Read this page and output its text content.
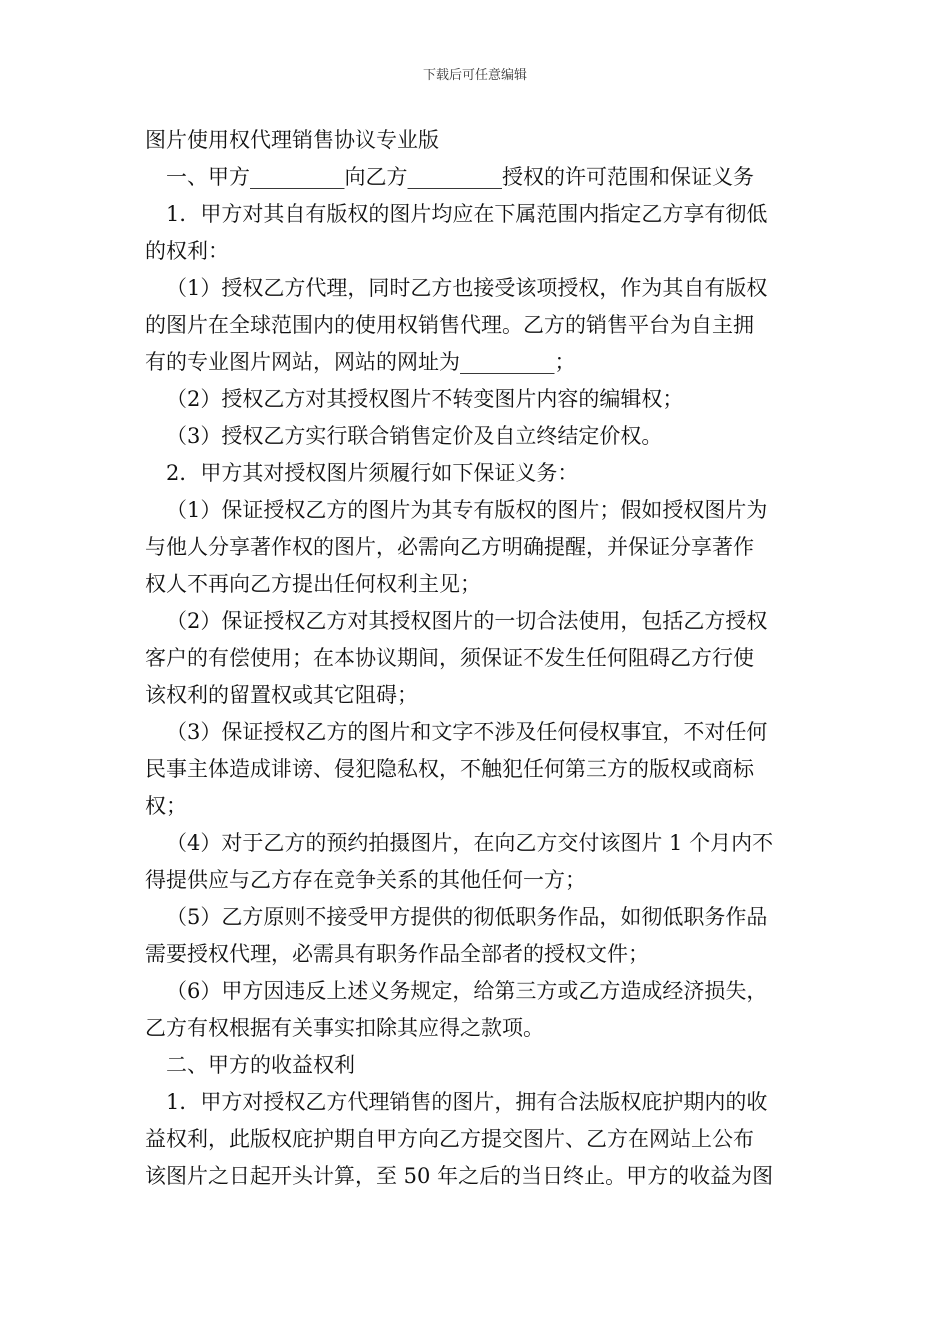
下载后可任意编辑
图片使用权代理销售协议专业版
一、甲方_________向乙方_________授权的许可范围和保证义务
1．甲方对其自有版权的图片均应在下属范围内指定乙方享有彻低
的权利：
（1）授权乙方代理，同时乙方也接受该项授权，作为其自有版权
的图片在全球范围内的使用权销售代理。乙方的销售平台为自主拥
有的专业图片网站，网站的网址为_________；
（2）授权乙方对其授权图片不转变图片内容的编辑权；
（3）授权乙方实行联合销售定价及自立终结定价权。
2．甲方其对授权图片须履行如下保证义务：
（1）保证授权乙方的图片为其专有版权的图片；假如授权图片为
与他人分享著作权的图片，必需向乙方明确提醒，并保证分享著作
权人不再向乙方提出任何权利主见；
（2）保证授权乙方对其授权图片的一切合法使用，包括乙方授权
客户的有偿使用；在本协议期间，须保证不发生任何阻碍乙方行使
该权利的留置权或其它阻碍；
（3）保证授权乙方的图片和文字不涉及任何侵权事宜，不对任何
民事主体造成诽谤、侵犯隐私权，不触犯任何第三方的版权或商标
权；
（4）对于乙方的预约拍摄图片，在向乙方交付该图片 1 个月内不
得提供应与乙方存在竞争关系的其他任何一方；
（5）乙方原则不接受甲方提供的彻低职务作品，如彻低职务作品
需要授权代理，必需具有职务作品全部者的授权文件；
（6）甲方因违反上述义务规定，给第三方或乙方造成经济损失，
乙方有权根据有关事实扣除其应得之款项。
二、甲方的收益权利
1．甲方对授权乙方代理销售的图片，拥有合法版权庇护期内的收
益权利，此版权庇护期自甲方向乙方提交图片、乙方在网站上公布
该图片之日起开头计算，至 50 年之后的当日终止。甲方的收益为图
